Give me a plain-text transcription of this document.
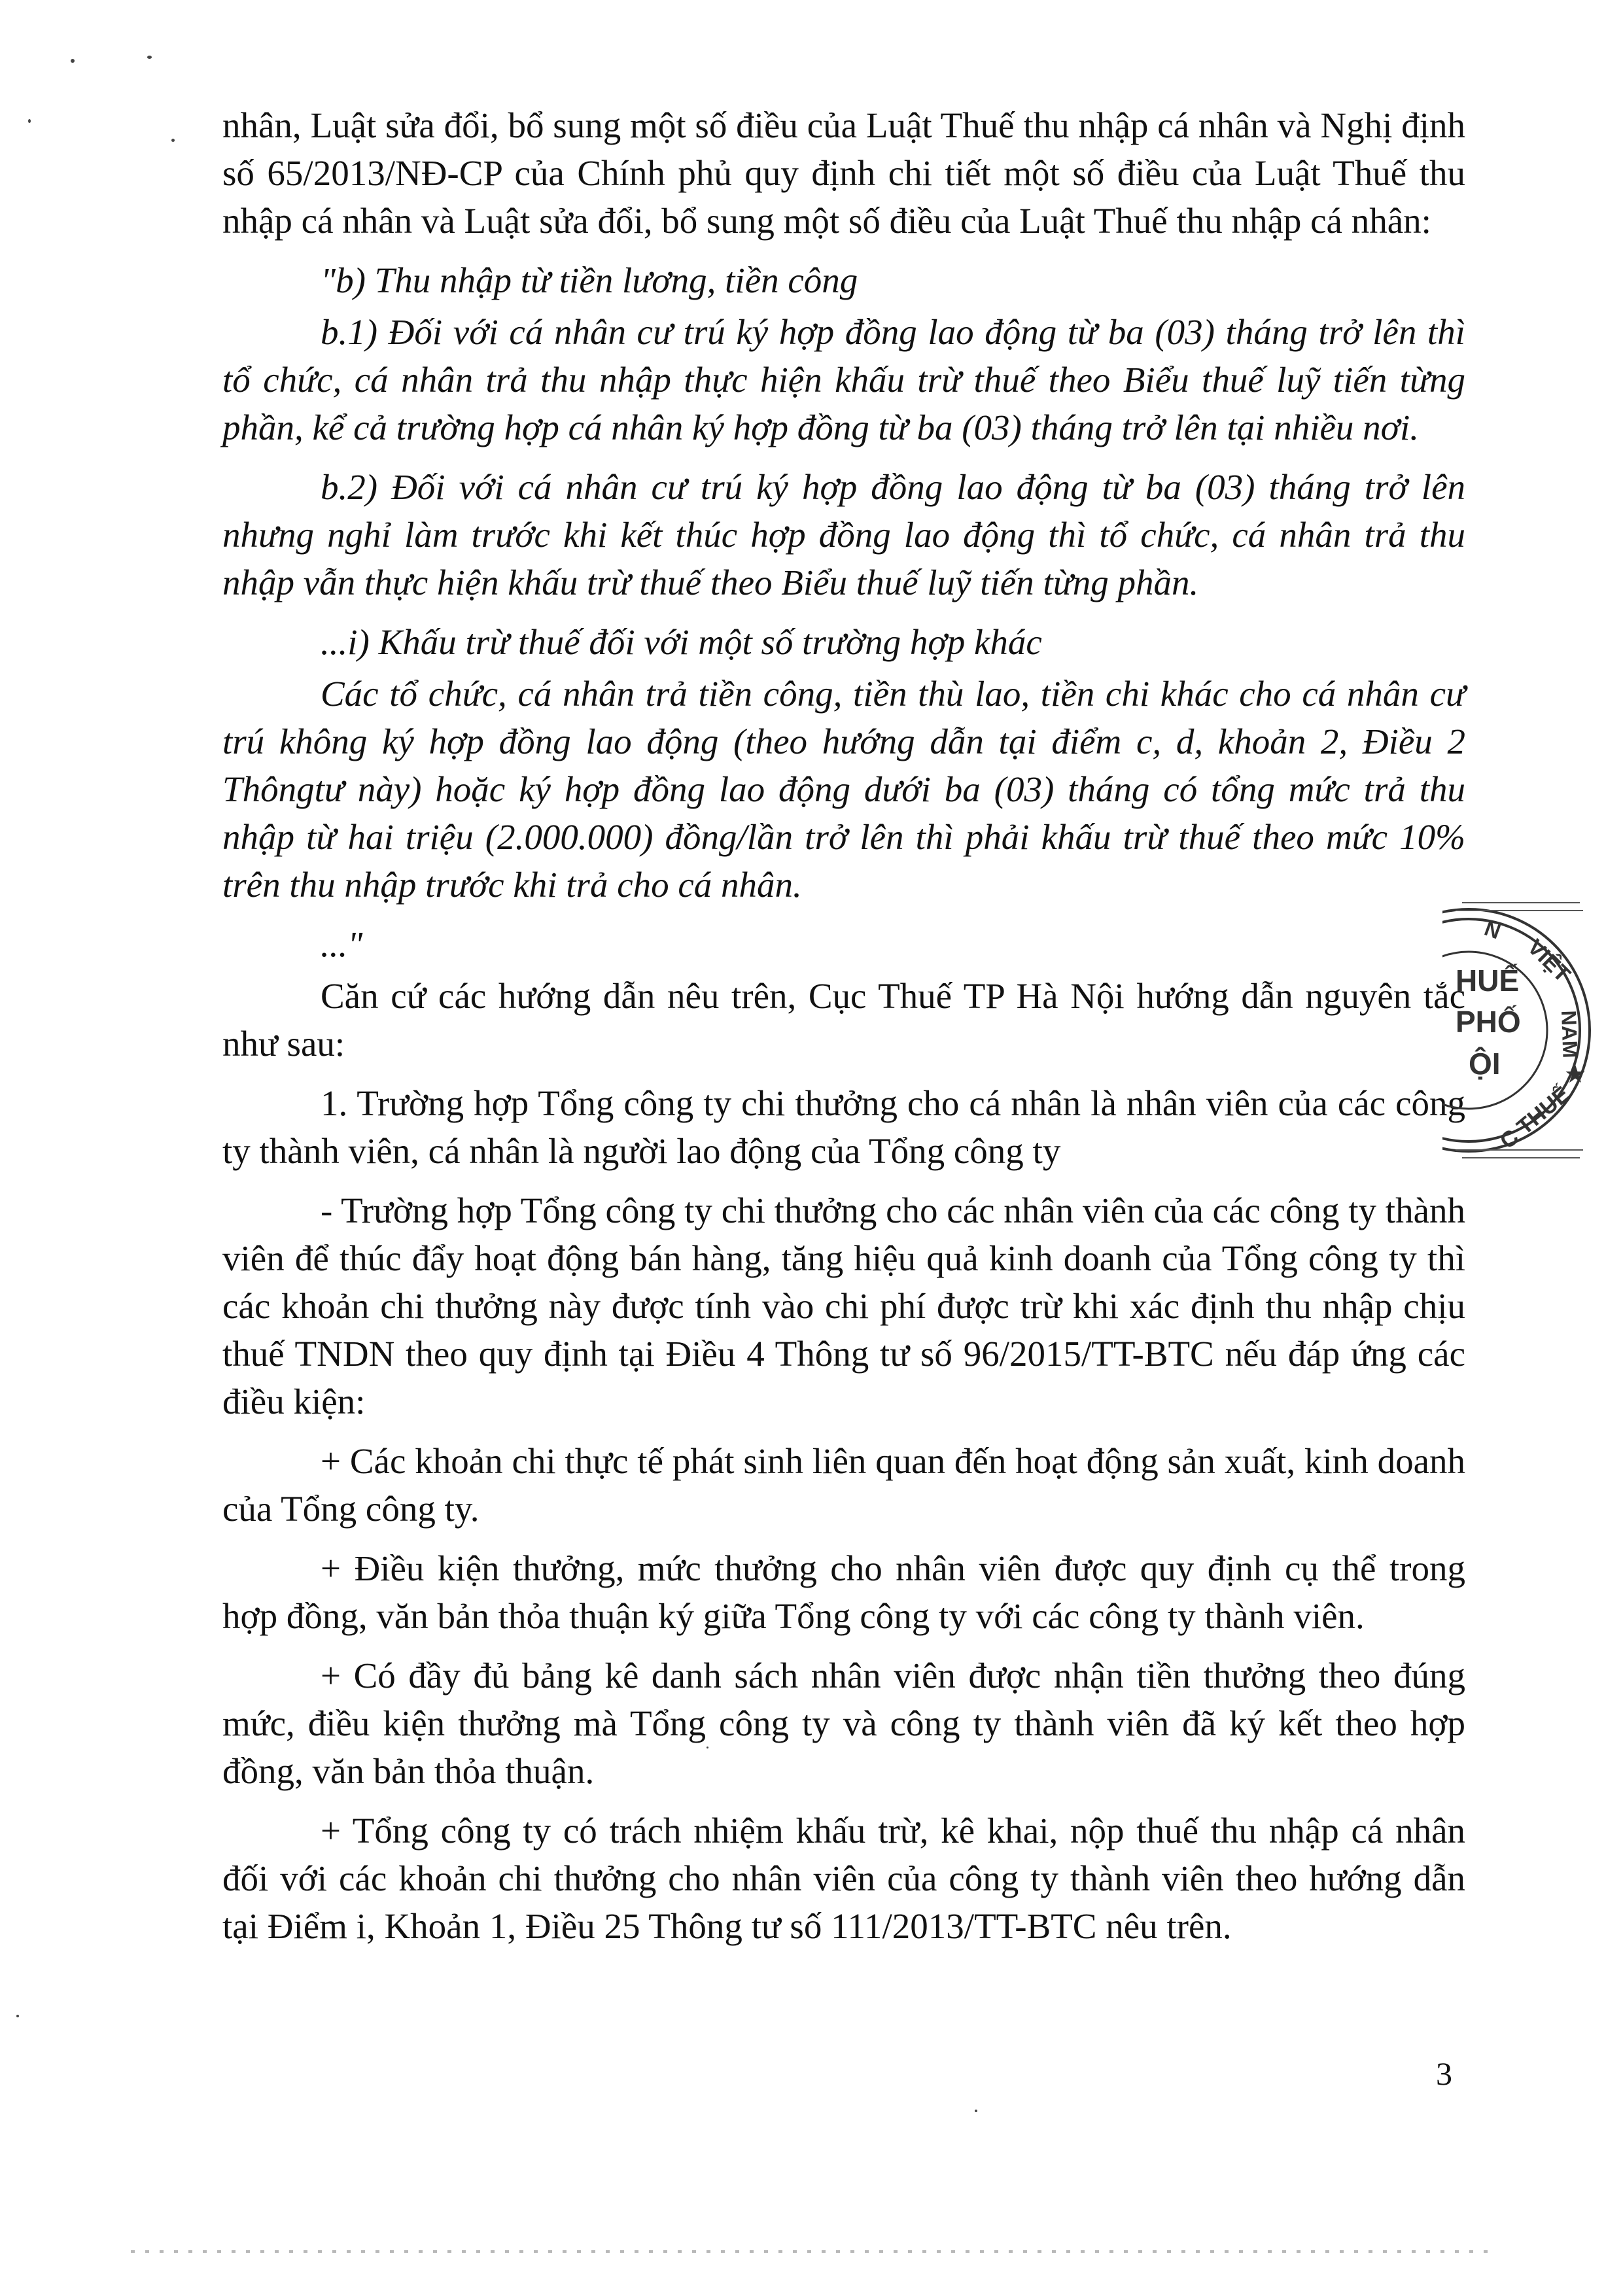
nhân, Luật sửa đổi, bổ sung một số điều của Luật Thuế thu nhập cá nhân và Nghị định số 65/2013/NĐ-CP của Chính phủ quy định chi tiết một số điều của Luật Thuế thu nhập cá nhân và Luật sửa đổi, bổ sung một số điều của Luật Thuế thu nhập cá nhân:

"b) Thu nhập từ tiền lương, tiền công

b.1) Đối với cá nhân cư trú ký hợp đồng lao động từ ba (03) tháng trở lên thì tổ chức, cá nhân trả thu nhập thực hiện khấu trừ thuế theo Biểu thuế luỹ tiến từng phần, kể cả trường hợp cá nhân ký hợp đồng từ ba (03) tháng trở lên tại nhiều nơi.

b.2) Đối với cá nhân cư trú ký hợp đồng lao động từ ba (03) tháng trở lên nhưng nghỉ làm trước khi kết thúc hợp đồng lao động thì tổ chức, cá nhân trả thu nhập vẫn thực hiện khấu trừ thuế theo Biểu thuế luỹ tiến từng phần.

...i) Khấu trừ thuế đối với một số trường hợp khác

Các tổ chức, cá nhân trả tiền công, tiền thù lao, tiền chi khác cho cá nhân cư trú không ký hợp đồng lao động (theo hướng dẫn tại điểm c, d, khoản 2, Điều 2 Thôngtư này) hoặc ký hợp đồng lao động dưới ba (03) tháng có tổng mức trả thu nhập từ hai triệu (2.000.000) đồng/lần trở lên thì phải khấu trừ thuế theo mức 10% trên thu nhập trước khi trả cho cá nhân.

..."

Căn cứ các hướng dẫn nêu trên, Cục Thuế TP Hà Nội hướng dẫn nguyên tắc như sau:

1. Trường hợp Tổng công ty chi thưởng cho cá nhân là nhân viên của các công ty thành viên, cá nhân là người lao động của Tổng công ty

- Trường hợp Tổng công ty chi thưởng cho các nhân viên của các công ty thành viên để thúc đẩy hoạt động bán hàng, tăng hiệu quả kinh doanh của Tổng công ty thì các khoản chi thưởng này được tính vào chi phí được trừ khi xác định thu nhập chịu thuế TNDN theo quy định tại Điều 4 Thông tư số 96/2015/TT-BTC nếu đáp ứng các điều kiện:

+ Các khoản chi thực tế phát sinh liên quan đến hoạt động sản xuất, kinh doanh của Tổng công ty.

+ Điều kiện thưởng, mức thưởng cho nhân viên được quy định cụ thể trong hợp đồng, văn bản thỏa thuận ký giữa Tổng công ty với các công ty thành viên.

+ Có đầy đủ bảng kê danh sách nhân viên được nhận tiền thưởng theo đúng mức, điều kiện thưởng mà Tổng công ty và công ty thành viên đã ký kết theo hợp đồng, văn bản thỏa thuận.

+ Tổng công ty có trách nhiệm khấu trừ, kê khai, nộp thuế thu nhập cá nhân đối với các khoản chi thưởng cho nhân viên của công ty thành viên theo hướng dẫn tại Điểm i, Khoản 1, Điều 25 Thông tư số 111/2013/TT-BTC nêu trên.

N
VIỆT
NAM
★
C THUẾ
HUẾ
PHỐ
ỘI
3
